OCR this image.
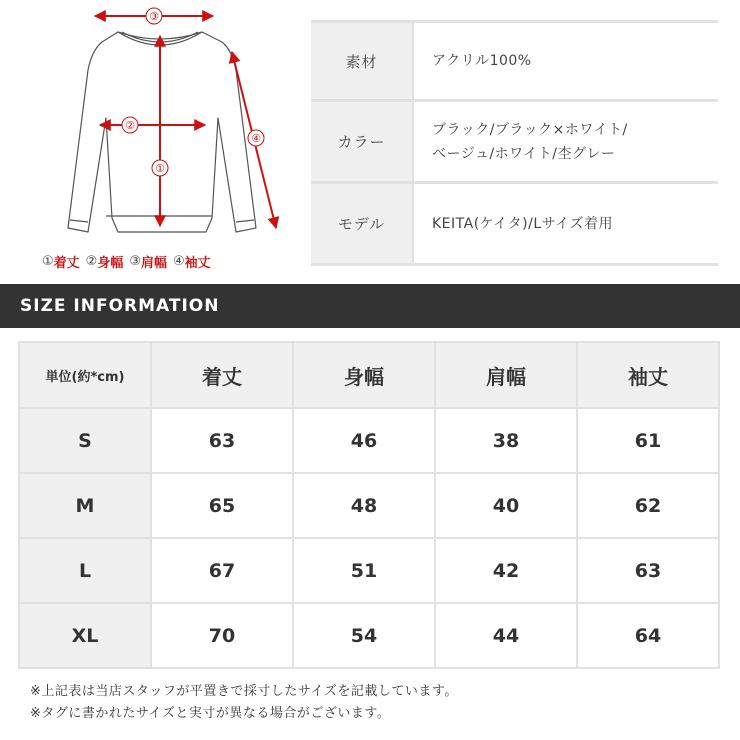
③
②
①
④
① 着丈 ② 身幅 ③ 肩幅 ④ 袖丈
素材	アクリル100%
カラー
ブラック/ブラック×ホワイト/
ベージュ/ホワイト/杢グレー
モデル	KEITA(ケイタ)/Lサイズ着用
SIZE INFORMATION
単位(約*cm)	着丈	身幅	肩幅	袖丈
S	63	46	38	61
M	65	48	40	62
L	67	51	42	63
XL	70	54	44	64
※上記表は当店スタッフが平置きで採寸したサイズを記載しています。
※タグに書かれたサイズと実寸が異なる場合がございます。
